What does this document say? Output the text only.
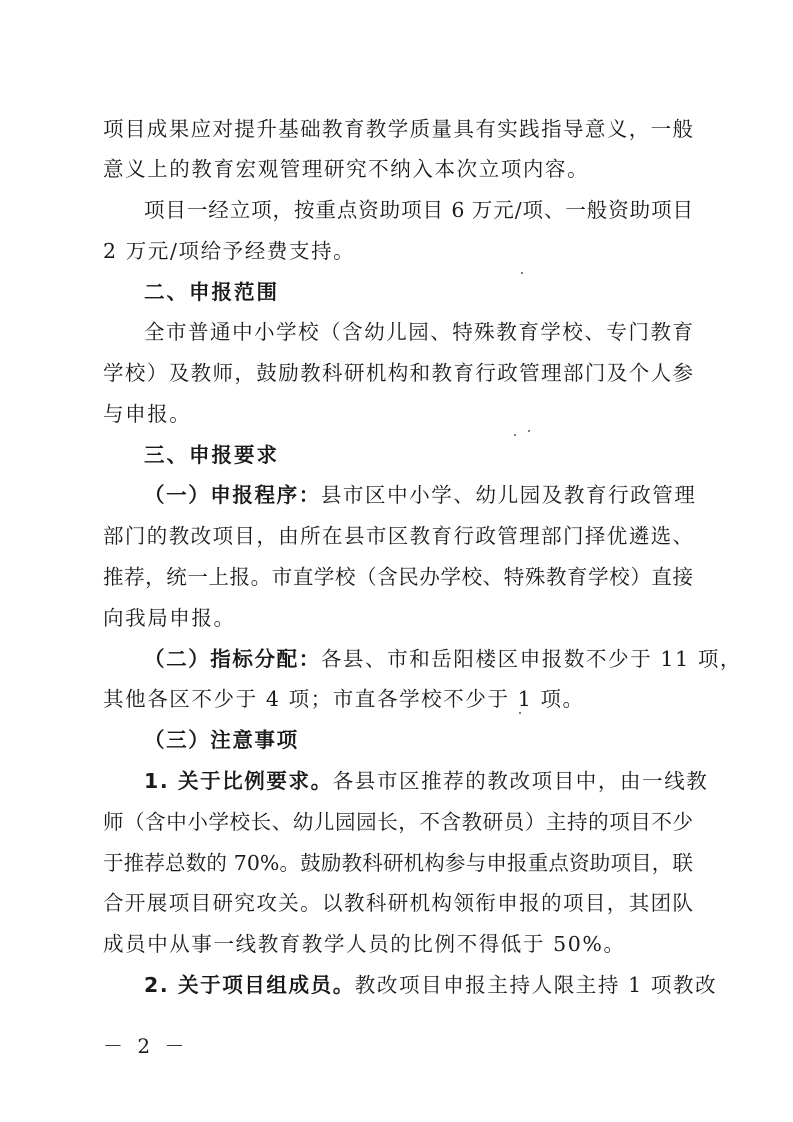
项目成果应对提升基础教育教学质量具有实践指导意义，一般
意义上的教育宏观管理研究不纳入本次立项内容。
项目一经立项，按重点资助项目 6 万元/项、一般资助项目
2 万元/项给予经费支持。
二、申报范围
全市普通中小学校（含幼儿园、特殊教育学校、专门教育
学校）及教师，鼓励教科研机构和教育行政管理部门及个人参
与申报。
三、申报要求
（一）申报程序：县市区中小学、幼儿园及教育行政管理
部门的教改项目，由所在县市区教育行政管理部门择优遴选、
推荐，统一上报。市直学校（含民办学校、特殊教育学校）直接
向我局申报。
（二）指标分配：各县、市和岳阳楼区申报数不少于 11 项，
其他各区不少于 4 项；市直各学校不少于 1 项。
（三）注意事项
1. 关于比例要求。各县市区推荐的教改项目中，由一线教
师（含中小学校长、幼儿园园长，不含教研员）主持的项目不少
于推荐总数的 70%。鼓励教科研机构参与申报重点资助项目，联
合开展项目研究攻关。以教科研机构领衔申报的项目，其团队
成员中从事一线教育教学人员的比例不得低于 50%。
2. 关于项目组成员。教改项目申报主持人限主持 1 项教改
－ 2 －
